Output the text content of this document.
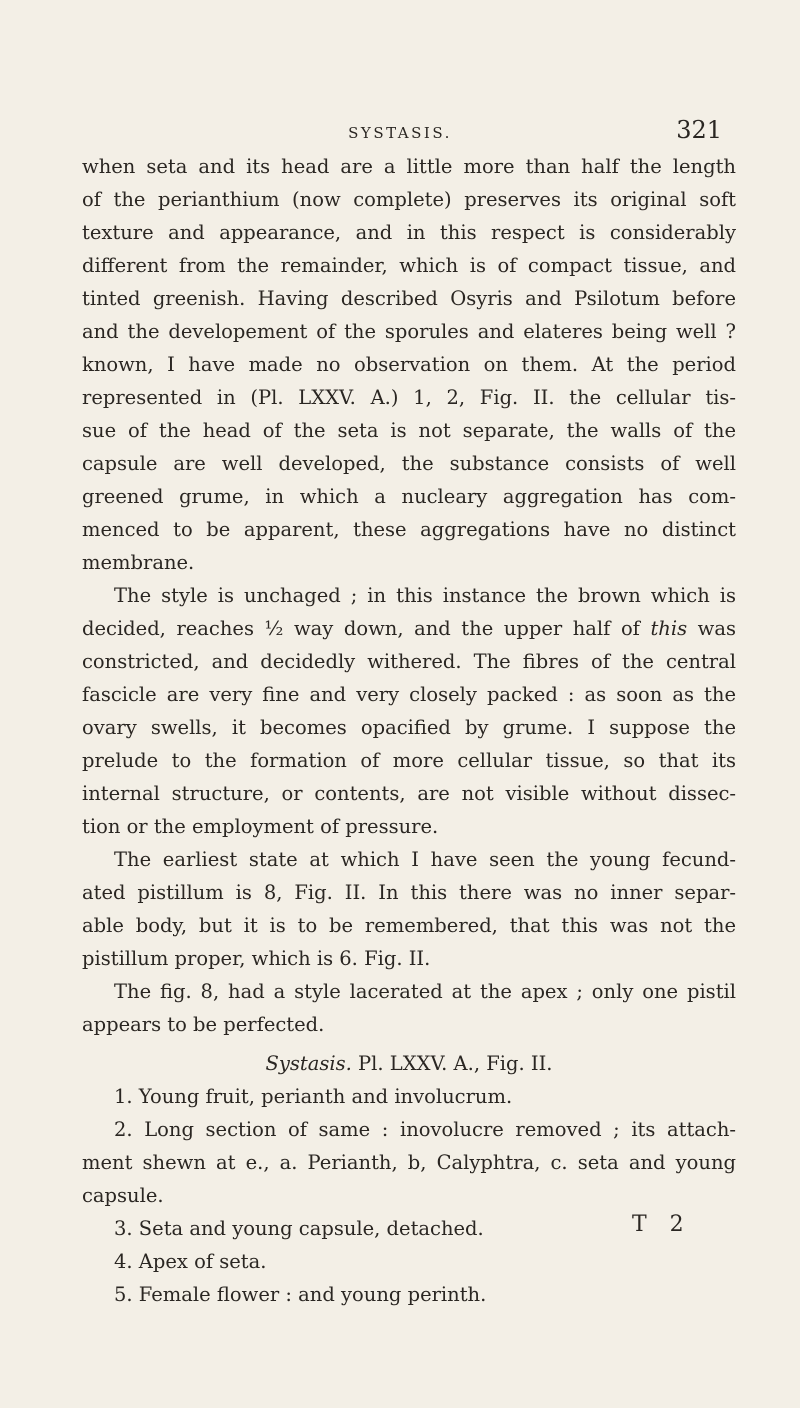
SYSTASIS.	321
when seta and its head are a little more than half the length
of the perianthium (now complete) preserves its original soft
texture and appearance, and in this respect is considerably
different from the remainder, which is of compact tissue, and
tinted greenish. Having described Osyris and Psilotum before
and the developement of the sporules and elateres being well ?
known, I have made no observation on them. At the period
represented in (Pl. LXXV. A.) 1, 2, Fig. II. the cellular tis-
sue of the head of the seta is not separate, the walls of the
capsule are well developed, the substance consists of well
greened grume, in which a nucleary aggregation has com-
menced to be apparent, these aggregations have no distinct
membrane.
The style is unchaged ; in this instance the brown which is
decided, reaches ½ way down, and the upper half of this was
constricted, and decidedly withered. The fibres of the central
fascicle are very fine and very closely packed : as soon as the
ovary swells, it becomes opacified by grume. I suppose the
prelude to the formation of more cellular tissue, so that its
internal structure, or contents, are not visible without dissec-
tion or the employment of pressure.
The earliest state at which I have seen the young fecund-
ated pistillum is 8, Fig. II. In this there was no inner separ-
able body, but it is to be remembered, that this was not the
pistillum proper, which is 6. Fig. II.
The fig. 8, had a style lacerated at the apex ; only one pistil
appears to be perfected.
Systasis. Pl. LXXV. A., Fig. II.
1. Young fruit, perianth and involucrum.
2. Long section of same : inovolucre removed ; its attach-
ment shewn at e., a. Perianth, b, Calyphtra, c. seta and young
capsule.
3. Seta and young capsule, detached.
4. Apex of seta.
5. Female flower : and young perinth.
T 2
